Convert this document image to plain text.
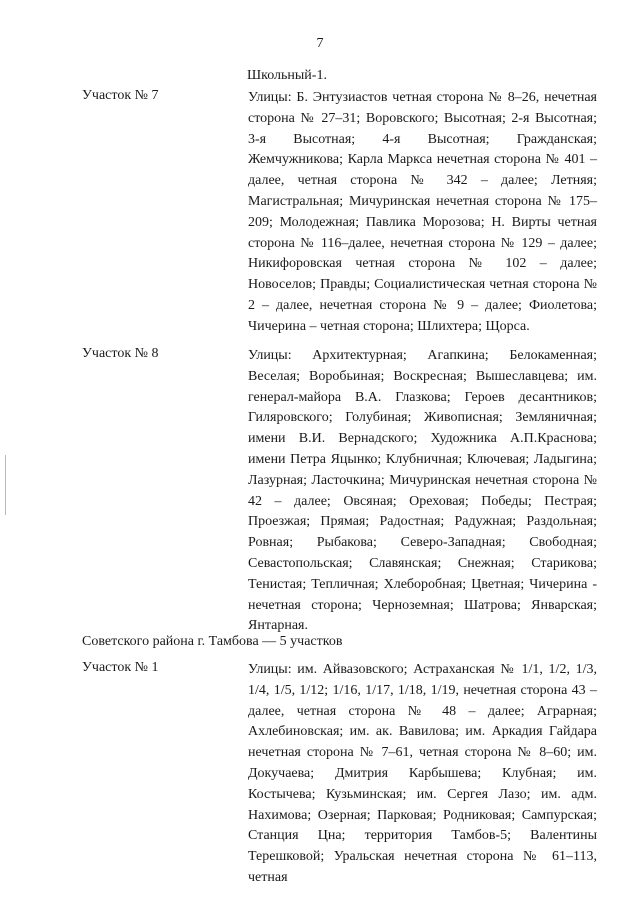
7
Школьный-1.
Участок № 7	Улицы: Б. Энтузиастов четная сторона № 8–26, нечетная сторона № 27–31; Воровского; Высотная; 2-я Высотная; 3-я Высотная; 4-я Высотная; Гражданская; Жемчужникова; Карла Маркса нечетная сторона № 401 – далее, четная сторона № 342 – далее; Летняя; Магистральная; Мичуринская нечетная сторона № 175–209; Молодежная; Павлика Морозова; Н. Вирты четная сторона № 116–далее, нечетная сторона № 129 – далее; Никифоровская четная сторона № 102 – далее; Новоселов; Правды; Социалистическая четная сторона № 2 – далее, нечетная сторона № 9 – далее; Фиолетова; Чичерина – четная сторона; Шлихтера; Щорса.
Участок № 8	Улицы: Архитектурная; Агапкина; Белокаменная; Веселая; Воробьиная; Воскресная; Вышеславцева; им. генерал-майора В.А. Глазкова; Героев десантников; Гиляровского; Голубиная; Живописная; Земляничная; имени В.И. Вернадского; Художника А.П.Краснова; имени Петра Яцынко; Клубничная; Ключевая; Ладыгина; Лазурная; Ласточкина; Мичуринская нечетная сторона № 42 – далее; Овсяная; Ореховая; Победы; Пестрая; Проезжая; Прямая; Радостная; Радужная; Раздольная; Ровная; Рыбакова; Северо-Западная; Свободная; Севастопольская; Славянская; Снежная; Старикова; Тенистая; Тепличная; Хлеборобная; Цветная; Чичерина - нечетная сторона; Черноземная; Шатрова; Январская; Янтарная.
Советского района г. Тамбова — 5 участков
Участок № 1	Улицы: им. Айвазовского; Астраханская № 1/1, 1/2, 1/3, 1/4, 1/5, 1/12; 1/16, 1/17, 1/18, 1/19, нечетная сторона 43 – далее, четная сторона № 48 – далее; Аграрная; Ахлебиновская; им. ак. Вавилова; им. Аркадия Гайдара нечетная сторона № 7–61, четная сторона № 8–60; им. Докучаева; Дмитрия Карбышева; Клубная; им. Костычева; Кузьминская; им. Сергея Лазо; им. адм. Нахимова; Озерная; Парковая; Родниковая; Сампурская; Станция Цна; территория Тамбов-5; Валентины Терешковой; Уральская нечетная сторона № 61–113, четная
